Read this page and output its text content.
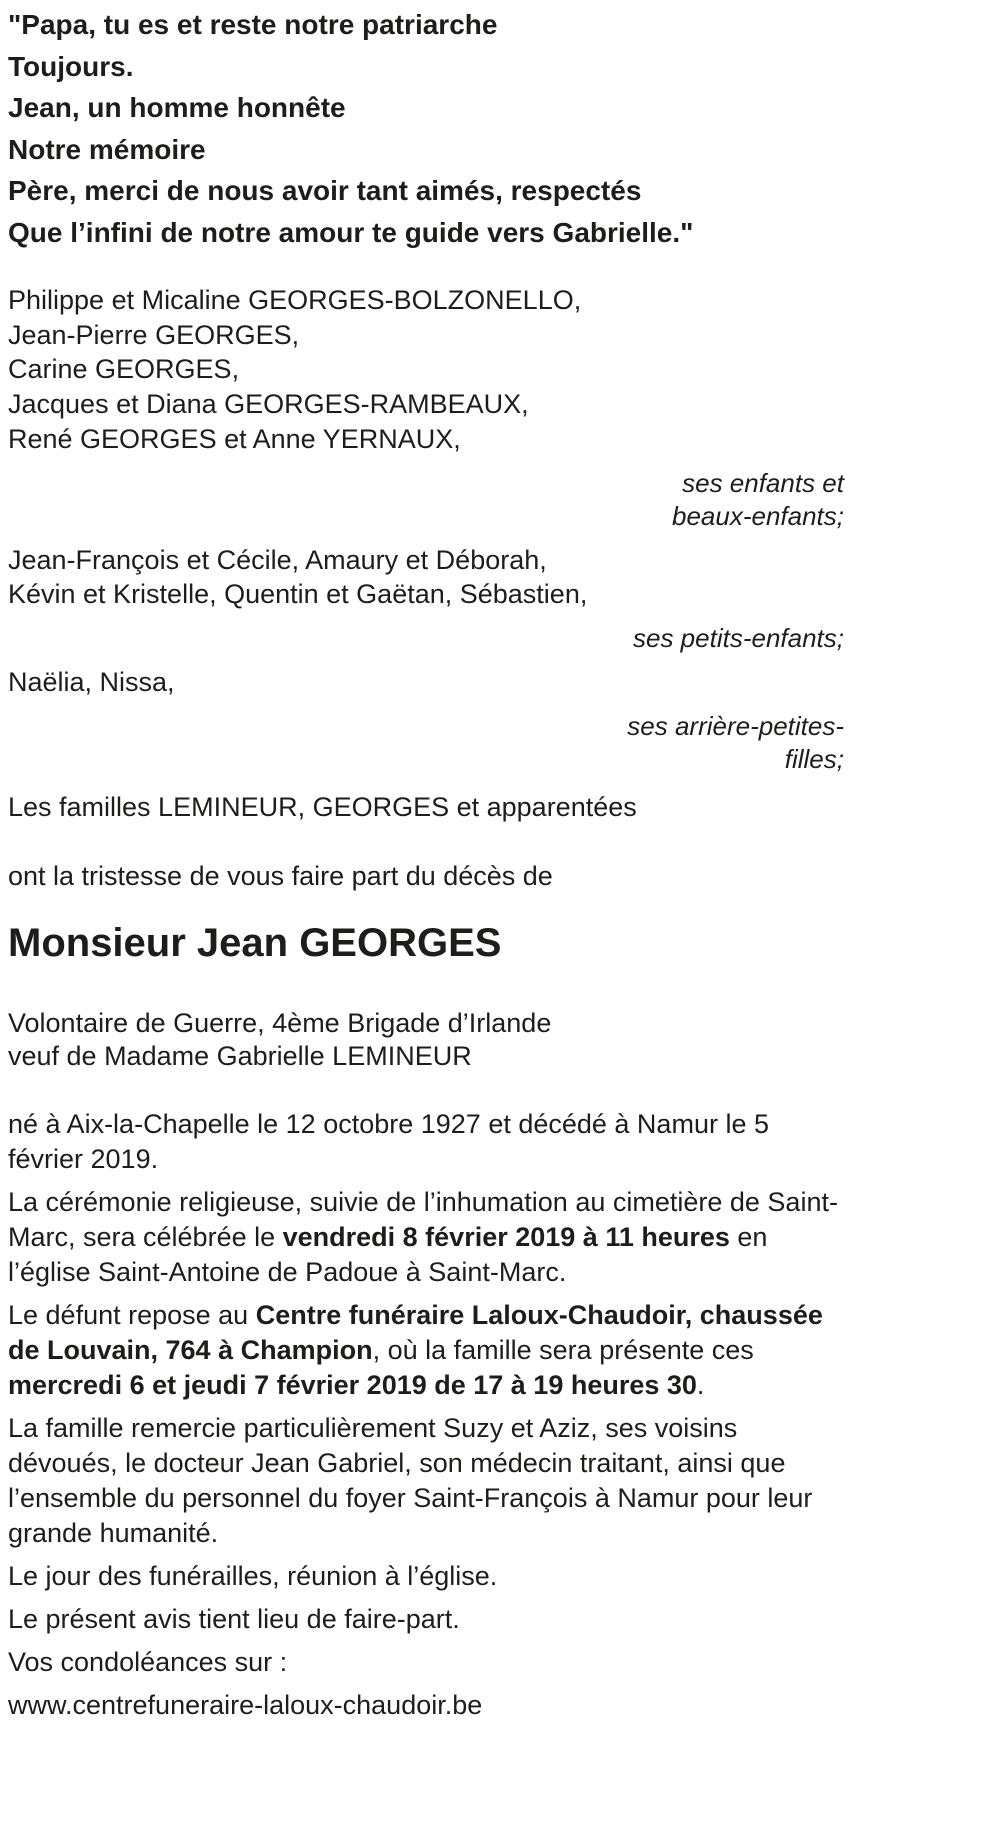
"Papa, tu es et reste notre patriarche

Toujours.

Jean, un homme honnête

Notre mémoire

Père, merci de nous avoir tant aimés, respectés

Que l’infini de notre amour te guide vers Gabrielle."

Philippe et Micaline GEORGES-BOLZONELLO,

Jean-Pierre GEORGES,

Carine GEORGES,

Jacques et Diana GEORGES-RAMBEAUX,

René GEORGES et Anne YERNAUX,

ses enfants et

beaux-enfants;

Jean-François et Cécile, Amaury et Déborah,

Kévin et Kristelle, Quentin et Gaëtan, Sébastien,

ses petits-enfants;

Naëlia, Nissa,

ses arrière-petites-

filles;

Les familles LEMINEUR, GEORGES et apparentées

ont la tristesse de vous faire part du décès de

Monsieur Jean GEORGES

Volontaire de Guerre, 4ème Brigade d’Irlande

veuf de Madame Gabrielle LEMINEUR

né à Aix-la-Chapelle le 12 octobre 1927 et décédé à Namur le 5 février 2019.

La cérémonie religieuse, suivie de l’inhumation au cimetière de Saint-Marc, sera célébrée le vendredi 8 février 2019 à 11 heures en l’église Saint-Antoine de Padoue à Saint-Marc.

Le défunt repose au Centre funéraire Laloux-Chaudoir, chaussée de Louvain, 764 à Champion, où la famille sera présente ces mercredi 6 et jeudi 7 février 2019 de 17 à 19 heures 30.

La famille remercie particulièrement Suzy et Aziz, ses voisins dévoués, le docteur Jean Gabriel, son médecin traitant, ainsi que l’ensemble du personnel du foyer Saint-François à Namur pour leur grande humanité.

Le jour des funérailles, réunion à l’église.

Le présent avis tient lieu de faire-part.

Vos condoléances sur :

www.centrefuneraire-laloux-chaudoir.be
